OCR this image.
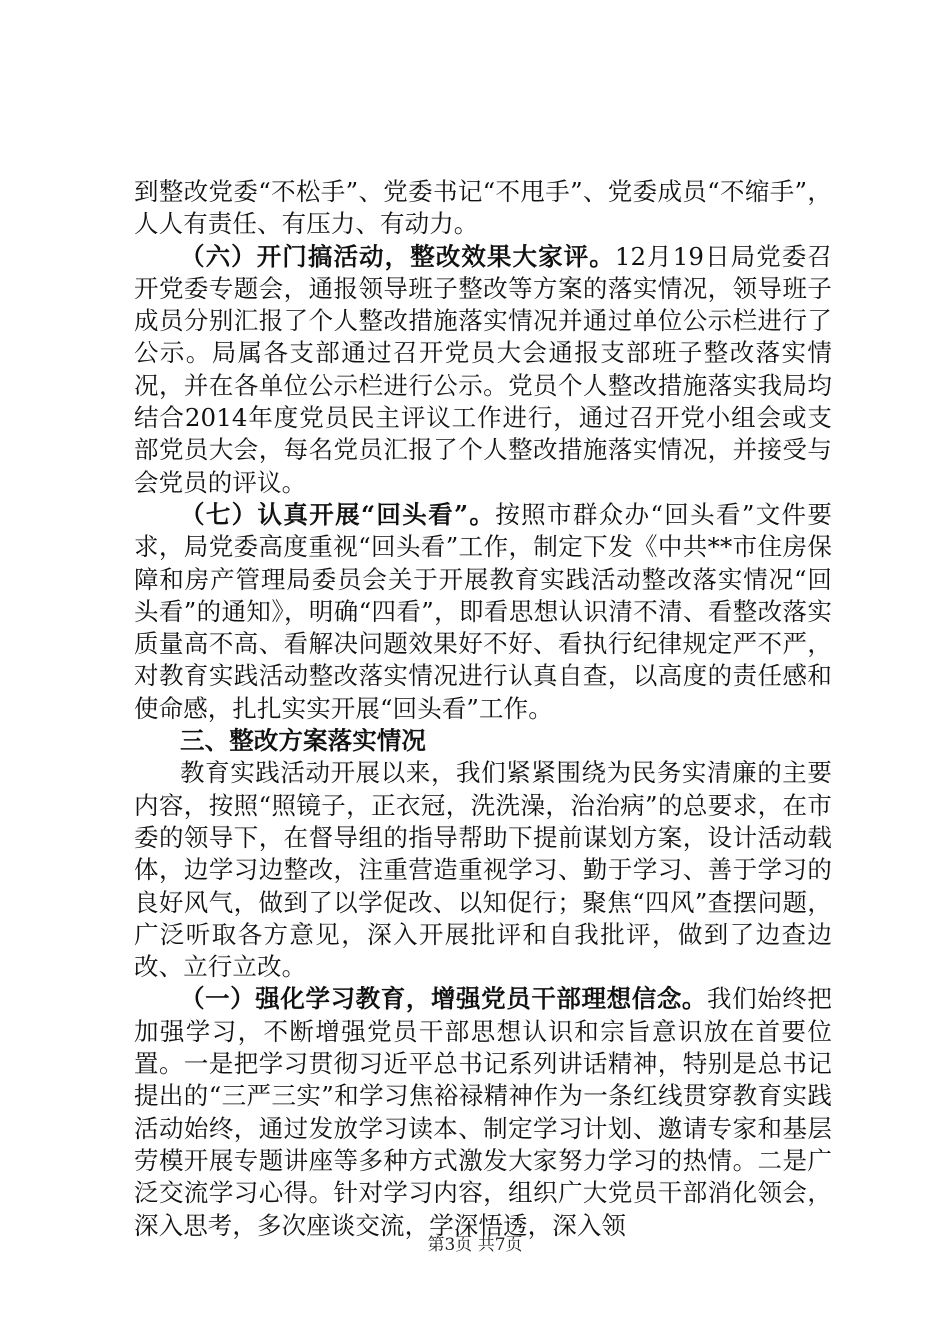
到整改党委“不松手”、党委书记“不甩手”、党委成员“不缩手”，人人有责任、有压力、有动力。

（六）开门搞活动，整改效果大家评。12月19日局党委召开党委专题会，通报领导班子整改等方案的落实情况，领导班子成员分别汇报了个人整改措施落实情况并通过单位公示栏进行了公示。局属各支部通过召开党员大会通报支部班子整改落实情况，并在各单位公示栏进行公示。党员个人整改措施落实我局均结合2014年度党员民主评议工作进行，通过召开党小组会或支部党员大会，每名党员汇报了个人整改措施落实情况，并接受与会党员的评议。

（七）认真开展“回头看”。按照市群众办“回头看”文件要求，局党委高度重视“回头看”工作，制定下发《中共**市住房保障和房产管理局委员会关于开展教育实践活动整改落实情况“回头看”的通知》，明确“四看”，即看思想认识清不清、看整改落实质量高不高、看解决问题效果好不好、看执行纪律规定严不严，对教育实践活动整改落实情况进行认真自查，以高度的责任感和使命感，扎扎实实开展“回头看”工作。

三、整改方案落实情况

教育实践活动开展以来，我们紧紧围绕为民务实清廉的主要内容，按照“照镜子，正衣冠，洗洗澡，治治病”的总要求，在市委的领导下，在督导组的指导帮助下提前谋划方案，设计活动载体，边学习边整改，注重营造重视学习、勤于学习、善于学习的良好风气，做到了以学促改、以知促行；聚焦“四风”查摆问题，广泛听取各方意见，深入开展批评和自我批评，做到了边查边改、立行立改。

（一）强化学习教育，增强党员干部理想信念。我们始终把加强学习，不断增强党员干部思想认识和宗旨意识放在首要位置。一是把学习贯彻习近平总书记系列讲话精神，特别是总书记提出的“三严三实”和学习焦裕禄精神作为一条红线贯穿教育实践活动始终，通过发放学习读本、制定学习计划、邀请专家和基层劳模开展专题讲座等多种方式激发大家努力学习的热情。二是广泛交流学习心得。针对学习内容，组织广大党员干部消化领会，深入思考，多次座谈交流，学深悟透，深入领

第3页 共7页
